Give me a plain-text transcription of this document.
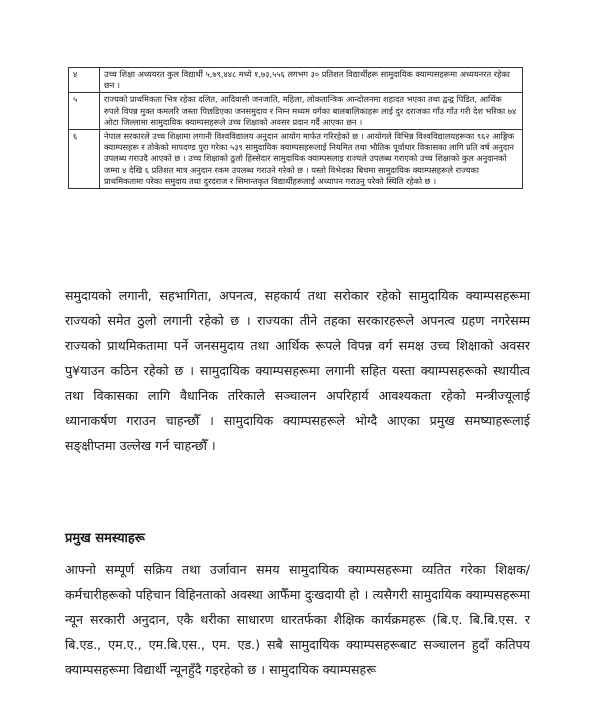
४	उच्च शिक्षा अध्ययरत कुल विद्यार्थी ५,७९,४४८ मध्ये १,७३,५५६ लगभग ३० प्रतिशत विद्यार्थीहरू सामुदायिक क्याम्पसहरूमा अध्ययनरत रहेका छन ।
५	राज्यको प्राथमिकता भित्र रहेका दलित, आदिवासी जनजाति, महिला, लोकतान्त्रिक आन्दोलनमा शहादत भएका तथा द्वन्द्व पिडित, आर्थिक रुपले विपन्न मुक्त कमलरि जस्ता पिछडिएका जनसमुदाय र निम्न मध्यम वर्गका बालबालिकाहरू लाई दुर दराजका गाँउ गाँउ गरी देश भरिका ७४ ओटा जिल्लामा सामुदायिक क्याम्पसहरूले उच्च शिक्षाको अवसर प्रदान गर्दै आएका छन ।
६	नेपाल सरकारले उच्च शिक्षामा लगानी विश्वविद्यालय अनुदान आयोग मार्फत गरिरहेको छ । आयोगले विभिन्न विश्वविद्यालयहरूका ९६२ आङ्गिक क्याम्पसहरू र तोकेको मापदण्ड पुरा गरेका ५३९ सामुदायिक क्याम्पसहरूलाई नियमित तथा भौतिक पूर्वाधार विकासका लागि प्रति वर्ष अनुदान उपलब्ध गराउदै आएको छ । उच्च शिक्षाको ठुलो हिस्सेदार सामुदायिक क्याम्पसलाइ राज्यले उपलब्ध गराएको उच्च शिक्षाको कुल अनुदानको जम्मा ४ देखि ६ प्रतिशत मात्र अनुदान रकम उपलब्ध गराउने गरेको छ । यस्तो विभेदका बिचमा सामुदायिक क्याम्पसहरूले राज्यका प्राथमिकतामा परेका समुदाय तथा दुरदराज र सिमान्तकृत विद्यार्थीहरूलाई अध्यापन गराउनु परेको स्थिति रहेको छ ।

समुदायको लगानी, सहभागिता, अपनत्व, सहकार्य तथा सरोकार रहेको सामुदायिक क्याम्पसहरूमा राज्यको समेत ठुलो लगानी रहेको छ । राज्यका तीने तहका सरकारहरूले अपनत्व ग्रहण नगरेसम्म राज्यको प्राथमिकतामा पर्ने जनसमुदाय तथा आर्थिक रूपले विपन्न वर्ग समक्ष उच्च शिक्षाको अवसर पु¥याउन कठिन रहेको छ । सामुदायिक क्याम्पसहरूमा लगानी सहित यस्ता क्याम्पसहरूको स्थायीत्व तथा विकासका लागि वैधानिक तरिकाले सञ्चालन अपरिहार्य आवश्यकता रहेको मन्त्रीज्यूलाई ध्यानाकर्षण गराउन चाहन्छौँ । सामुदायिक क्याम्पसहरूले भोग्दै आएका प्रमुख समष्याहरूलाई सङ्क्षीप्तमा उल्लेख गर्न चाहन्छौँ ।

प्रमुख समस्याहरू

आफ्नो सम्पूर्ण सक्रिय तथा उर्जावान समय सामुदायिक क्याम्पसहरूमा व्यतित गरेका शिक्षक/कर्मचारीहरूको पहिचान विहिनताको अवस्था आफैँमा दुःखदायी हो । त्यसैगरी सामुदायिक क्याम्पसहरूमा न्यून सरकारी अनुदान, एकै थरीका साधारण धारतर्फका शैक्षिक कार्यक्रमहरू (बि.ए. बि.बि.एस. र बि.एड., एम.ए., एम.बि.एस., एम. एड.) सबै सामुदायिक क्याम्पसहरूबाट सञ्चालन हुदाँ कतिपय क्याम्पसहरूमा विद्यार्थी न्यूनहुँदै गइरहेको छ । सामुदायिक क्याम्पसहरू
